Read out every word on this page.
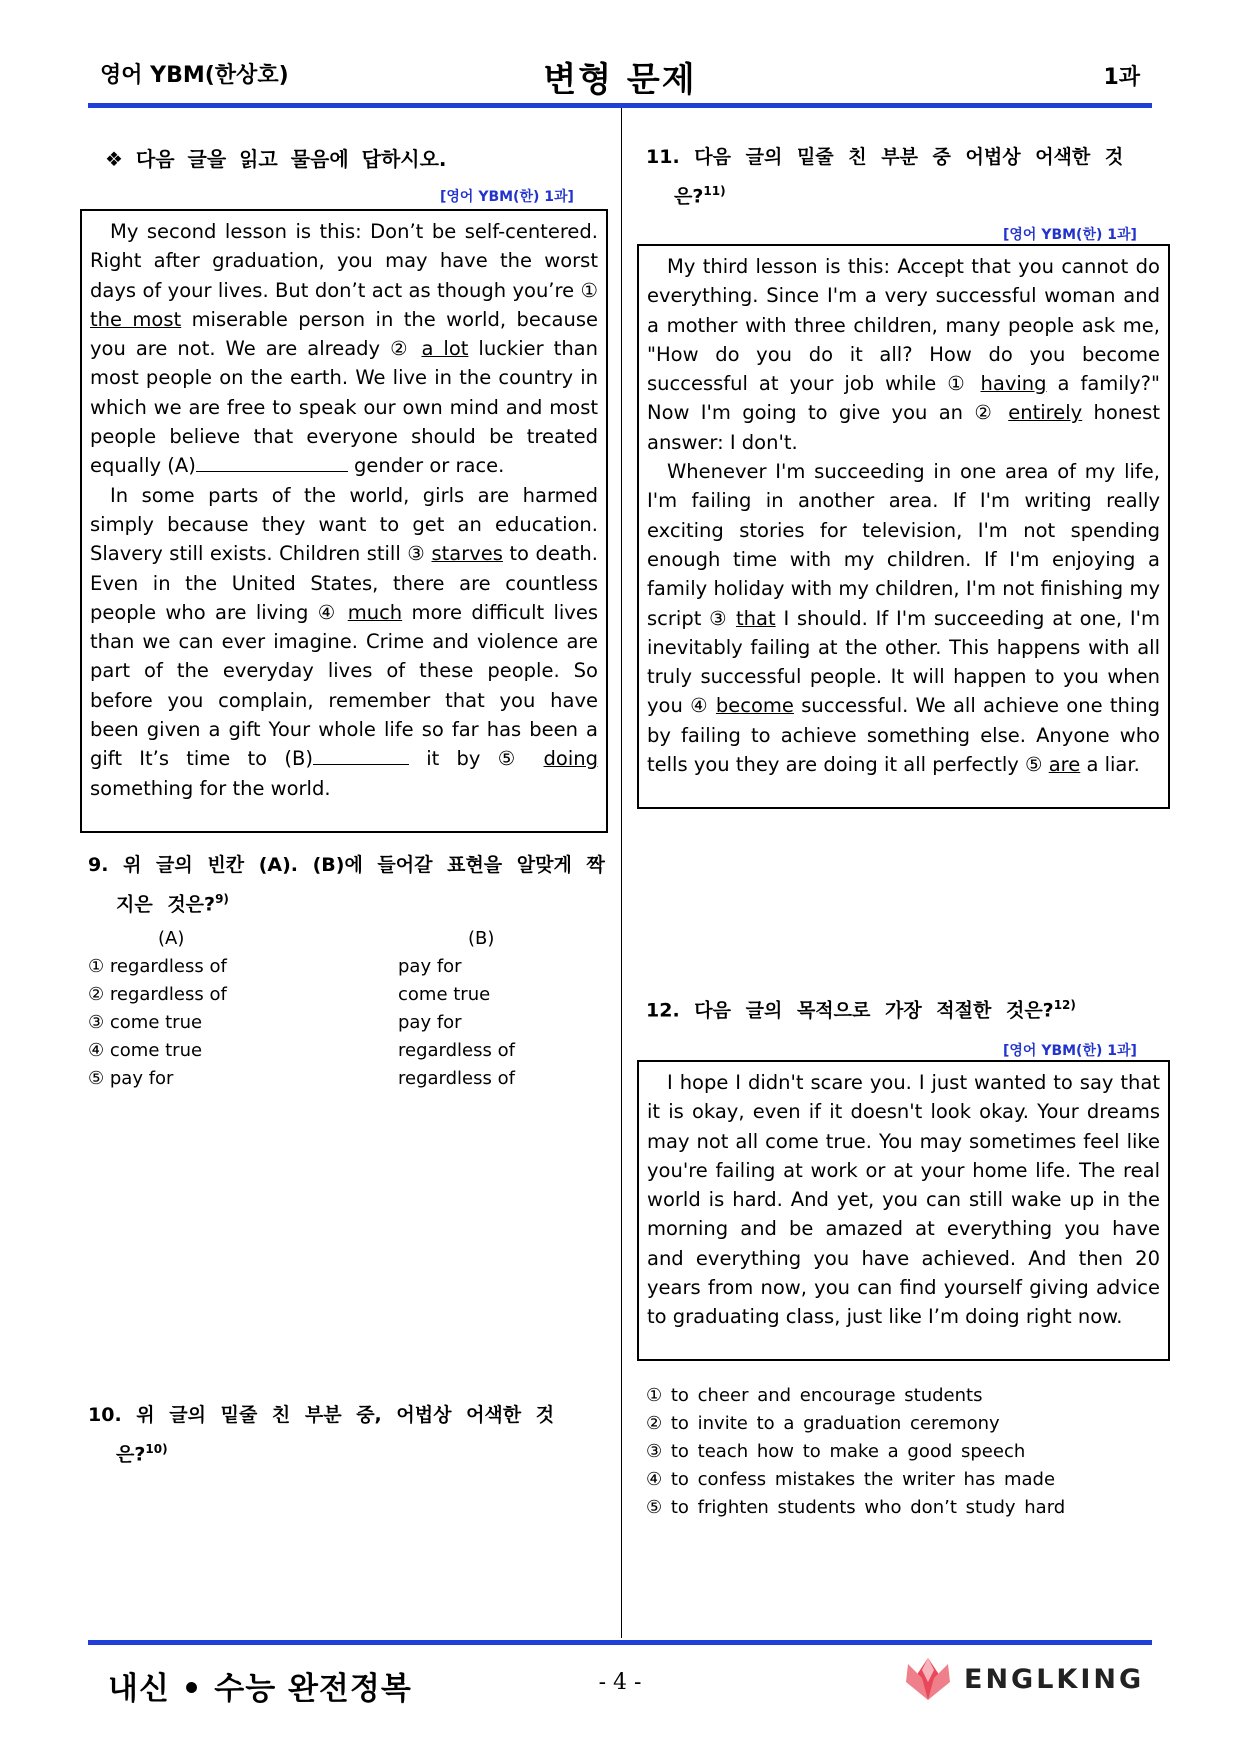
영어 YBM(한상호)	변형 문제	1과
❖ 다음 글을 읽고 물음에 답하시오.
[영어 YBM(한) 1과]

My second lesson is this: Don’t be self-centered. Right after graduation, you may have the worst days of your lives. But don’t act as though you’re ① the most miserable person in the world, because you are not. We are already ② a lot luckier than most people on the earth. We live in the country in which we are free to speak our own mind and most people believe that everyone should be treated equally (A)	gender or race.

In some parts of the world, girls are harmed simply because they want to get an education. Slavery still exists. Children still ③ starves to death. Even in the United States, there are countless people who are living ④ much more difficult lives than we can ever imagine. Crime and violence are part of the everyday lives of these people. So before you complain, remember that you have been given a gift Your whole life so far has been a gift It’s time to (B)	it by ⑤ doing something for the world.

9. 위 글의 빈칸 (A). (B)에 들어갈 표현을 알맞게 짝
지은 것은?$^{9)}$
(A)	(B)
① regardless of	pay for
② regardless of	come true
③ come true	pay for
④ come true	regardless of
⑤ pay for	regardless of
10. 위 글의 밑줄 친 부분 중, 어법상 어색한 것
은?$^{10)}$
11. 다음 글의 밑줄 친 부분 중 어법상 어색한 것
은?$^{11)}$
[영어 YBM(한) 1과]

My third lesson is this: Accept that you cannot do everything. Since I'm a very successful woman and a mother with three children, many people ask me, "How do you do it all? How do you become successful at your job while ① having a family?" Now I'm going to give you an ② entirely honest answer: I don't.

Whenever I'm succeeding in one area of my life, I'm failing in another area. If I'm writing really exciting stories for television, I'm not spending enough time with my children. If I'm enjoying a family holiday with my children, I'm not finishing my script ③ that I should. If I'm succeeding at one, I'm inevitably failing at the other. This happens with all truly successful people. It will happen to you when you ④ become successful. We all achieve one thing by failing to achieve something else. Anyone who tells you they are doing it all perfectly ⑤ are a liar.

12. 다음 글의 목적으로 가장 적절한 것은?$^{12)}$
[영어 YBM(한) 1과]

I hope I didn't scare you. I just wanted to say that it is okay, even if it doesn't look okay. Your dreams may not all come true. You may sometimes feel like you're failing at work or at your home life. The real world is hard. And yet, you can still wake up in the morning and be amazed at everything you have and everything you have achieved. And then 20 years from now, you can find yourself giving advice to graduating class, just like I’m doing right now.

① to cheer and encourage students
② to invite to a graduation ceremony
③ to teach how to make a good speech
④ to confess mistakes the writer has made
⑤ to frighten students who don’t study hard
내신 • 수능 완전정복	- 4 -	ENGLKING
